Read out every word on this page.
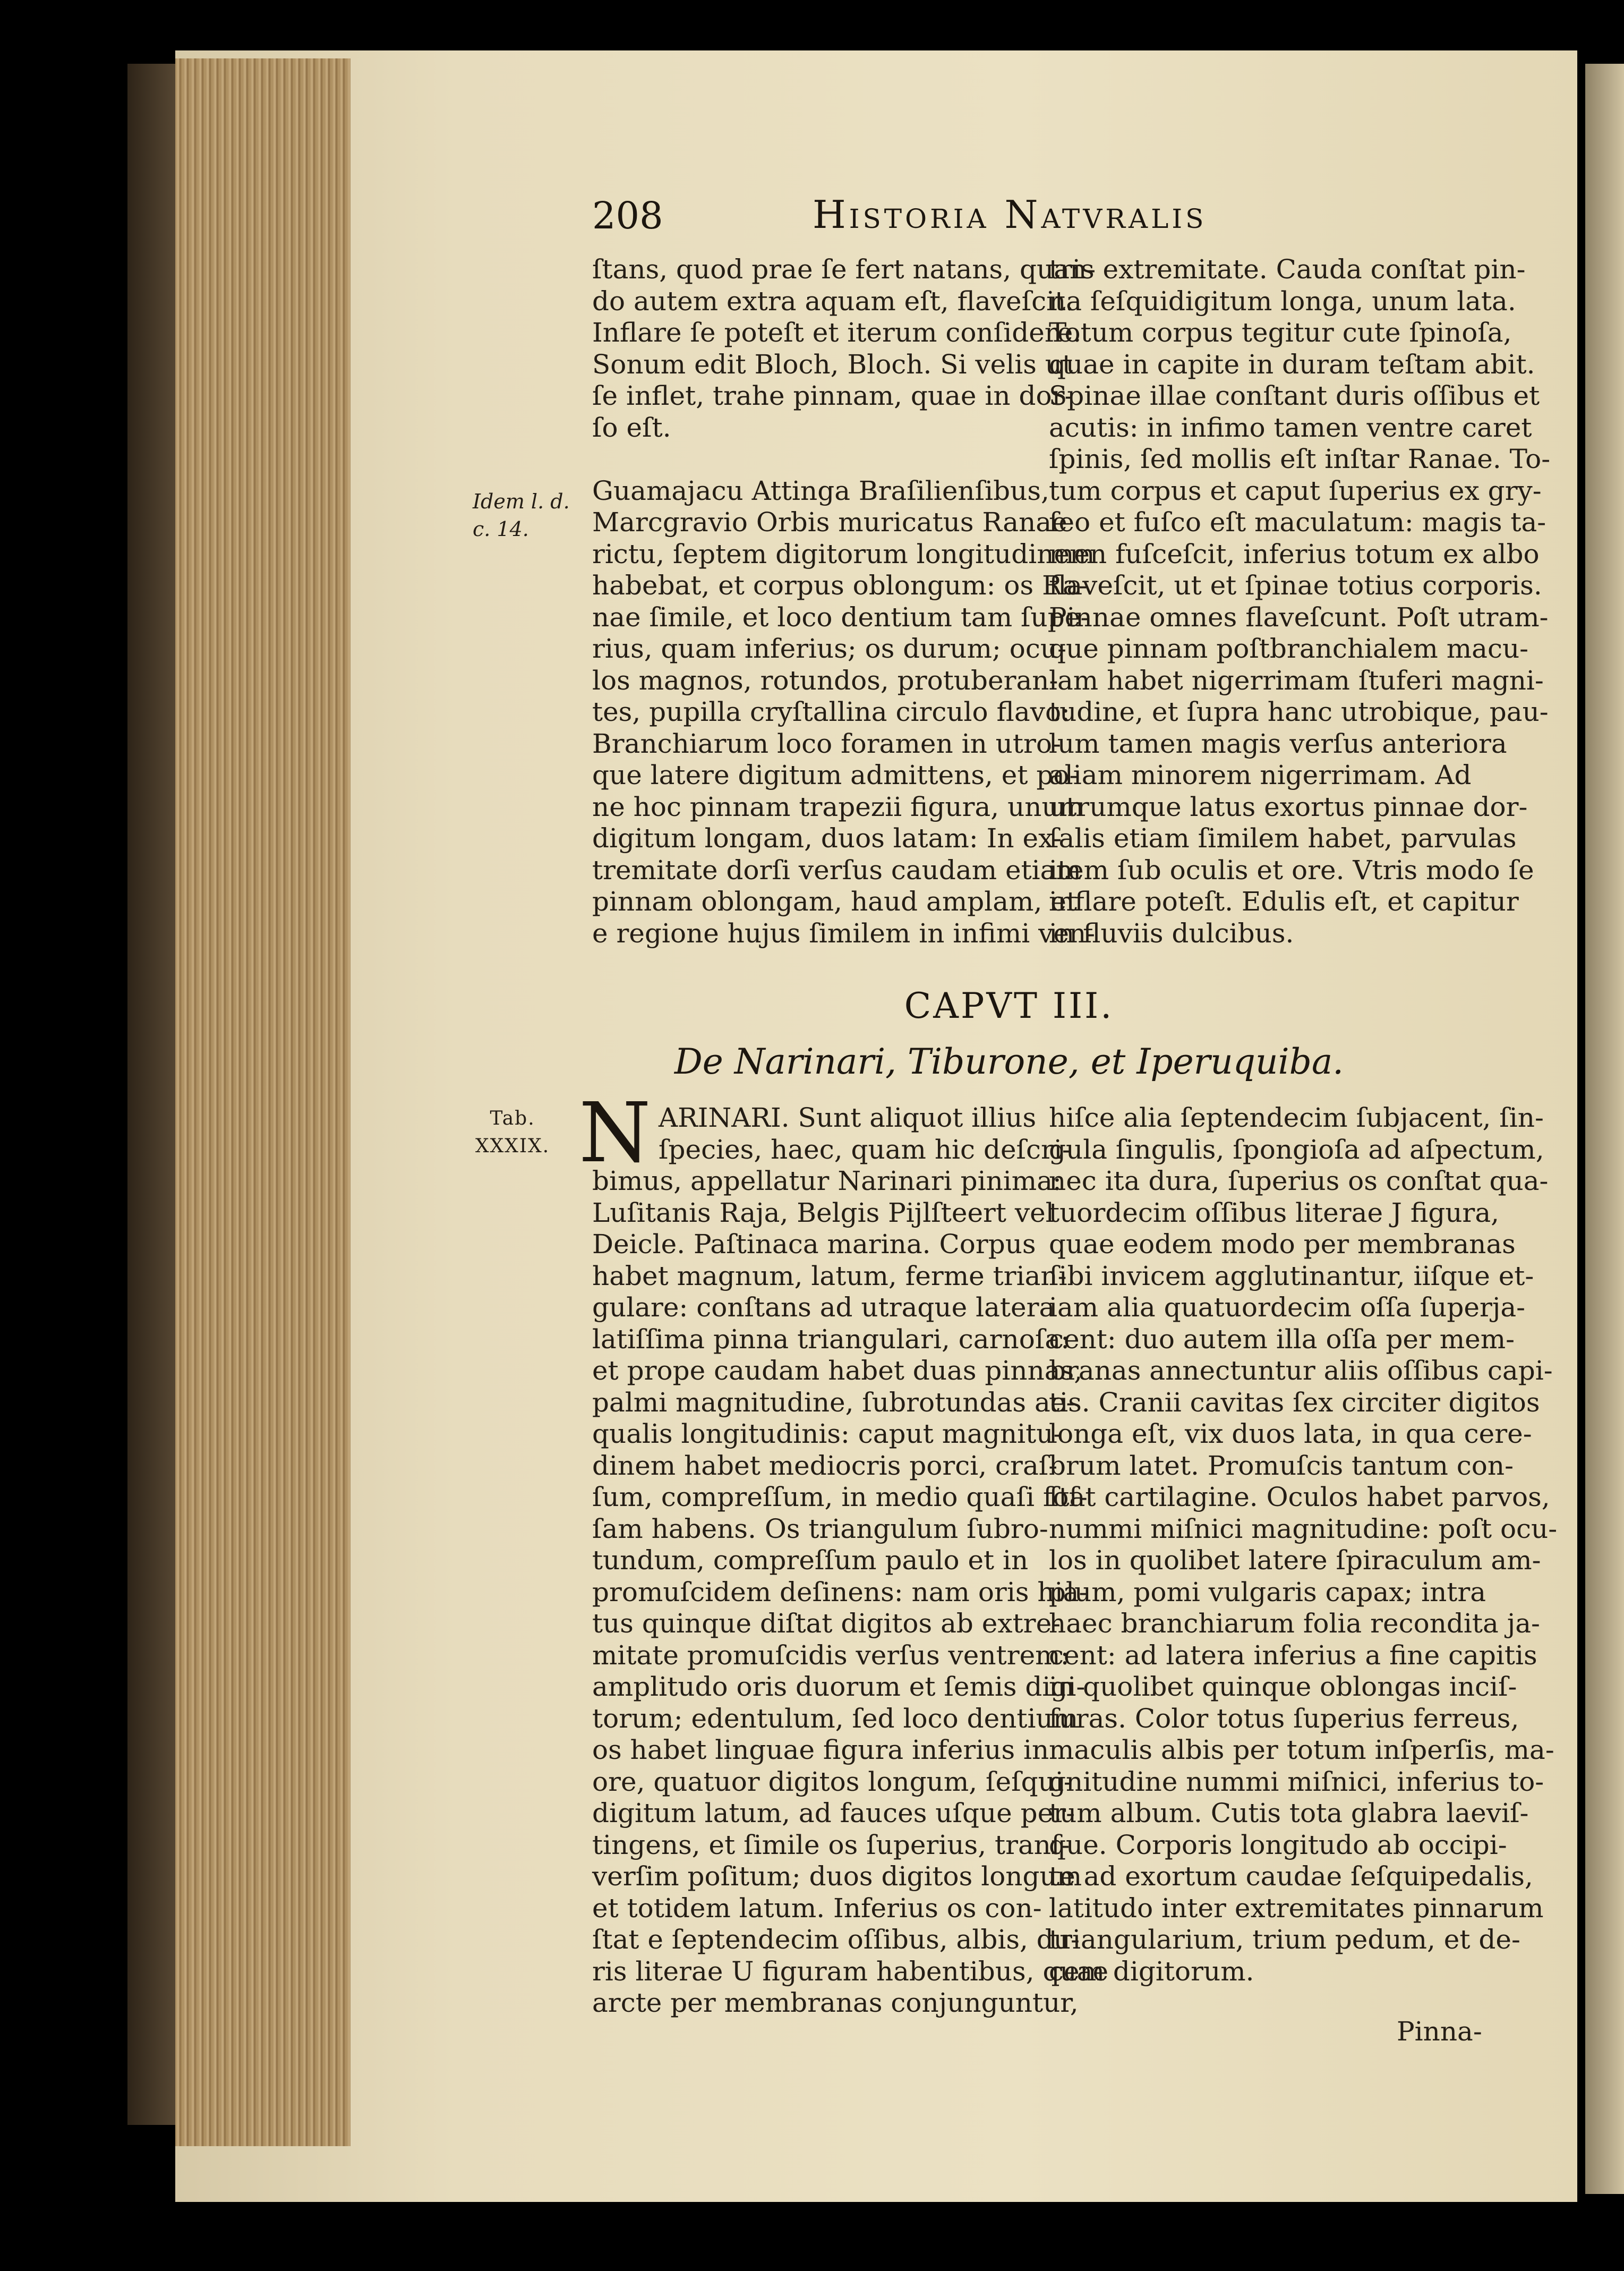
208	Historia Natvralis
Idem l. d.
c. 14.
ſtans, quod prae ſe fert natans, quan-
do autem extra aquam eſt, flaveſcit.
Inflare ſe poteſt et iterum conſidere.
Sonum edit Bloch, Bloch. Si velis ut
ſe inflet, trahe pinnam, quae in dor-
ſo eſt.
Guamajacu Attinga Braſilienſibus,
Marcgravio Orbis muricatus Ranae
rictu, ſeptem digitorum longitudinem
habebat, et corpus oblongum: os Ra-
nae ſimile, et loco dentium tam ſupe-
rius, quam inferius; os durum; ocu-
los magnos, rotundos, protuberan-
tes, pupilla cryſtallina circulo flavo:
Branchiarum loco foramen in utro-
que latere digitum admittens, et po-
ne hoc pinnam trapezii figura, unum
digitum longam, duos latam: In ex-
tremitate dorſi verſus caudam etiam
pinnam oblongam, haud amplam, et
e regione hujus ſimilem in infimi ven-
tris extremitate. Cauda conſtat pin-
na ſeſquidigitum longa, unum lata.
Totum corpus tegitur cute ſpinoſa,
quae in capite in duram teſtam abit.
Spinae illae conſtant duris oſſibus et
acutis: in infimo tamen ventre caret
ſpinis, ſed mollis eſt inſtar Ranae. To-
tum corpus et caput ſuperius ex gry-
ſeo et fuſco eſt maculatum: magis ta-
men fuſceſcit, inferius totum ex albo
flaveſcit, ut et ſpinae totius corporis.
Pinnae omnes flaveſcunt. Poſt utram-
que pinnam poſtbranchialem macu-
lam habet nigerrimam ſtuferi magni-
tudine, et ſupra hanc utrobique, pau-
lum tamen magis verſus anteriora
aliam minorem nigerrimam. Ad
utrumque latus exortus pinnae dor-
ſalis etiam ſimilem habet, parvulas
item ſub oculis et ore. Vtris modo ſe
inflare poteſt. Edulis eſt, et capitur
in fluviis dulcibus.
CAPVT III.
De Narinari, Tiburone, et Iperuquiba.
Tab.
XXXIX. N ARINARI. Sunt aliquot illius
ſpecies, haec, quam hic deſcri-
bimus, appellatur Narinari pinima:
Luſitanis Raja, Belgis Pijlſteert vel
Deicle. Paſtinaca marina. Corpus
habet magnum, latum, ferme trian-
gulare: conſtans ad utraque latera
latiſſima pinna triangulari, carnoſa:
et prope caudam habet duas pinnas,
palmi magnitudine, ſubrotundas ae-
qualis longitudinis: caput magnitu-
dinem habet mediocris porci, craſ-
ſum, compreſſum, in medio quaſi foſ-
ſam habens. Os triangulum ſubro-
tundum, compreſſum paulo et in
promuſcidem deſinens: nam oris hia-
tus quinque diſtat digitos ab extre-
mitate promuſcidis verſus ventrem:
amplitudo oris duorum et ſemis digi-
torum; edentulum, ſed loco dentium
os habet linguae figura inferius in
ore, quatuor digitos longum, ſeſqui-
digitum latum, ad fauces uſque per-
tingens, et ſimile os ſuperius, tranſ-
verſim poſitum; duos digitos longum
et totidem latum. Inferius os con-
ſtat e ſeptendecim oſſibus, albis, du-
ris literae U figuram habentibus, quae
arcte per membranas conjunguntur,
hiſce alia ſeptendecim ſubjacent, ſin-
gula ſingulis, ſpongioſa ad aſpectum,
nec ita dura, ſuperius os conſtat qua-
tuordecim oſſibus literae J figura,
quae eodem modo per membranas
ſibi invicem agglutinantur, iiſque et-
iam alia quatuordecim oſſa ſuperja-
cent: duo autem illa oſſa per mem-
branas annectuntur aliis oſſibus capi-
tis. Cranii cavitas ſex circiter digitos
longa eſt, vix duos lata, in qua cere-
brum latet. Promuſcis tantum con-
ſtat cartilagine. Oculos habet parvos,
nummi miſnici magnitudine: poſt ocu-
los in quolibet latere ſpiraculum am-
plum, pomi vulgaris capax; intra
haec branchiarum folia recondita ja-
cent: ad latera inferius a fine capitis
in quolibet quinque oblongas inciſ-
ſuras. Color totus ſuperius ferreus,
maculis albis per totum inſperſis, ma-
gnitudine nummi miſnici, inferius to-
tum album. Cutis tota glabra laeviſ-
que. Corporis longitudo ab occipi-
te ad exortum caudae ſeſquipedalis,
latitudo inter extremitates pinnarum
triangularium, trium pedum, et de-
cem digitorum.
Pinna-
